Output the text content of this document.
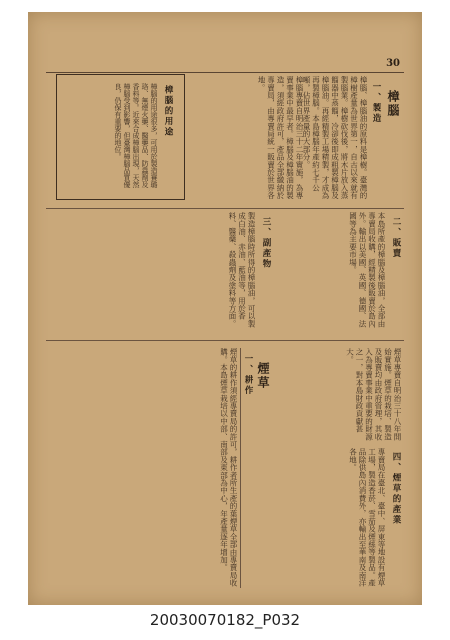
30
樟腦
一、製造
樟腦、樟腦油的原料是樟樹。臺灣的樟樹產量為世界第一，自古以來就有製腦業。樟樹砍伐後，將木片放入蒸餾器中蒸餾，冷卻後即成粗製樟腦及樟腦油。再經精製工場精製，才成為再製樟腦。本島樟腦年產約七千公噸，佔世界產量的大部分。
樟腦專賣自明治三十二年實施，為專賣事業中最早者。樟腦及樟腦油的製造，須經政府許可，產品全部繳納於專賣局，由專賣局統一販賣於世界各地。
樟腦的用途
樟腦的用途很多，可用於製造賽璐珞、無煙火藥、醫藥品、防蟲劑及香料等。近來合成樟腦出現，天然樟腦受到影響，但臺灣樟腦品質優良，仍保有重要的地位。
二、販賣
本島所產的樟腦及樟腦油，全部由專賣局收購，經精製後販賣於島內外。輸出以美國、英國、德國、法國等為主要市場。
三、副產物
製造樟腦時所得的樟腦油，可以製成白油、赤油、藍油等，用於香料、醫藥、殺蟲劑及塗料等方面。
煙草
一、耕作
煙草的耕作須經專賣局的許可，耕作者所生產的葉煙草全部由專賣局收購。本島煙草栽培以中部、南部及東部為中心，年產量逐年增加。	四、煙草的產業
專賣局在臺北、臺中、屏東等地設有煙草工場，製造香菸、雪茄及煙絲等製品。產品除供島內消費外，亦輸出至華南及南洋各地。
煙草專賣自明治三十八年開始實施。煙草的栽培、製造及販賣均由政府管理，其收入為專賣事業中重要的財源之一，對本島財政貢獻甚大。
20030070182_P032
